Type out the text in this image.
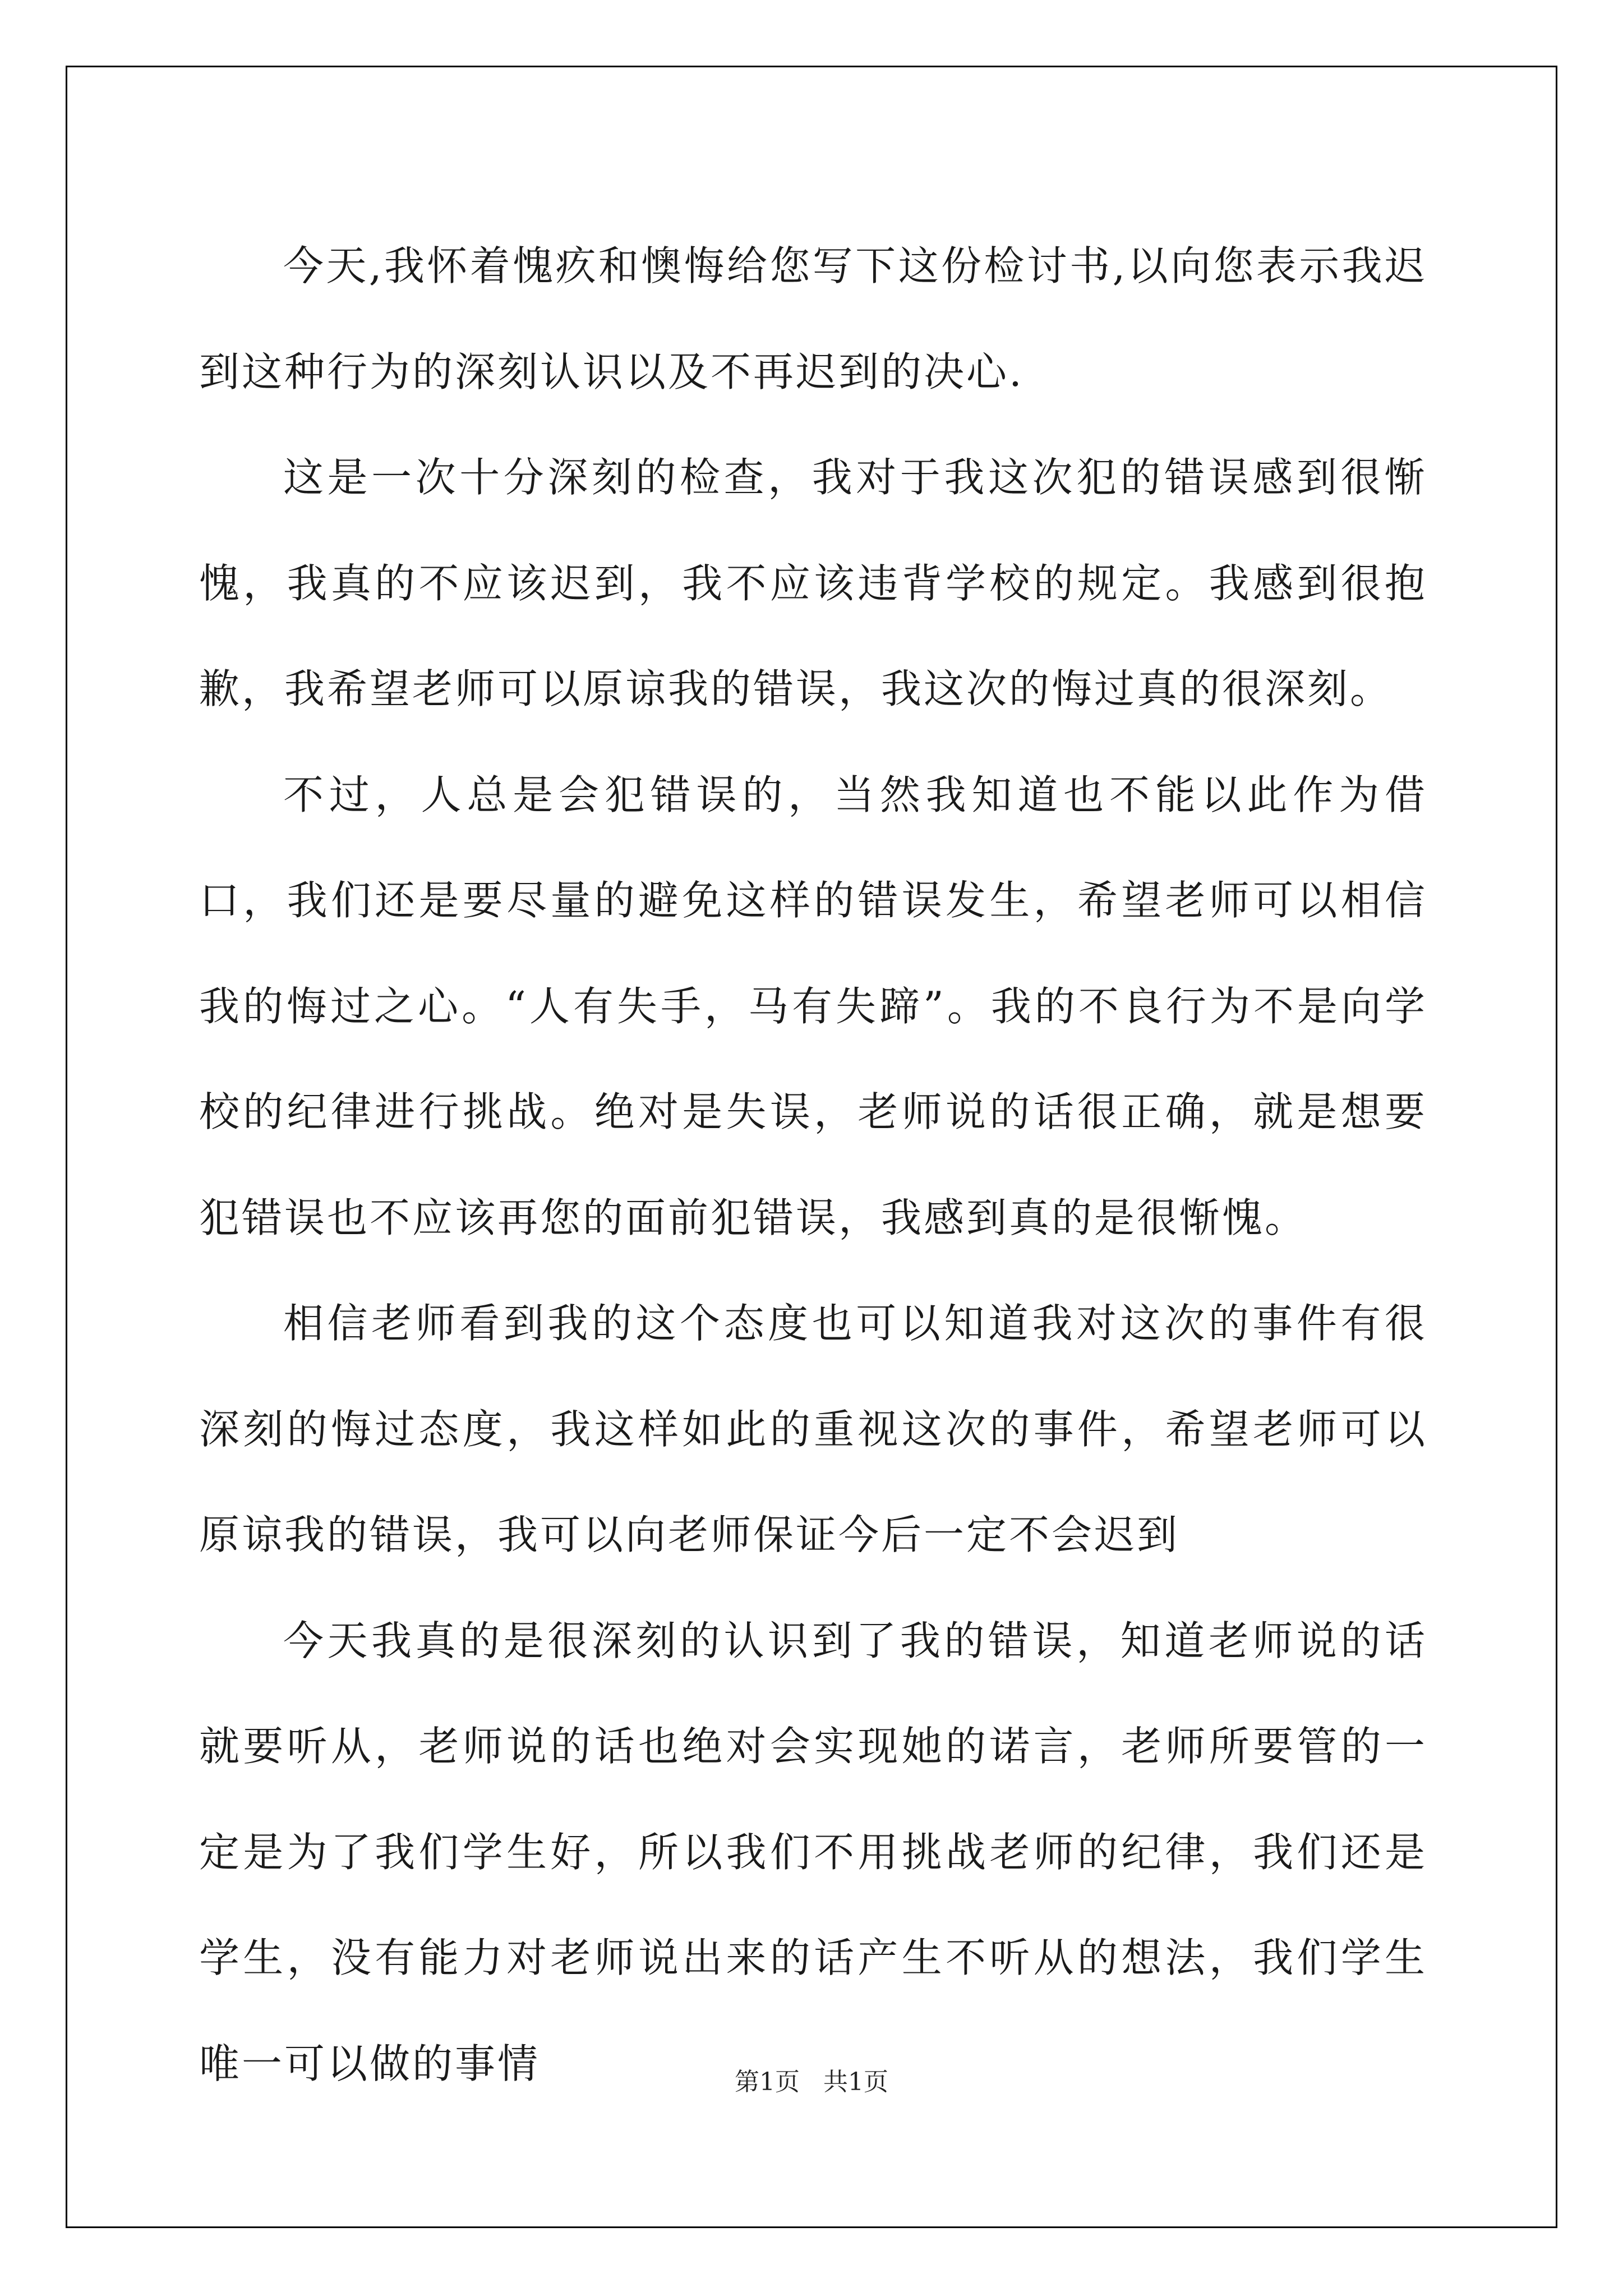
今天,我怀着愧疚和懊悔给您写下这份检讨书,以向您表示我迟到这种行为的深刻认识以及不再迟到的决心.

这是一次十分深刻的检查，我对于我这次犯的错误感到很惭愧，我真的不应该迟到，我不应该违背学校的规定。我感到很抱歉，我希望老师可以原谅我的错误，我这次的悔过真的很深刻。

不过，人总是会犯错误的，当然我知道也不能以此作为借口，我们还是要尽量的避免这样的错误发生，希望老师可以相信我的悔过之心。“人有失手，马有失蹄”。我的不良行为不是向学校的纪律进行挑战。绝对是失误，老师说的话很正确，就是想要犯错误也不应该再您的面前犯错误，我感到真的是很惭愧。

相信老师看到我的这个态度也可以知道我对这次的事件有很深刻的悔过态度，我这样如此的重视这次的事件，希望老师可以原谅我的错误，我可以向老师保证今后一定不会迟到

今天我真的是很深刻的认识到了我的错误，知道老师说的话就要听从，老师说的话也绝对会实现她的诺言，老师所要管的一定是为了我们学生好，所以我们不用挑战老师的纪律，我们还是学生，没有能力对老师说出来的话产生不听从的想法，我们学生唯一可以做的事情	第1页   共1页
